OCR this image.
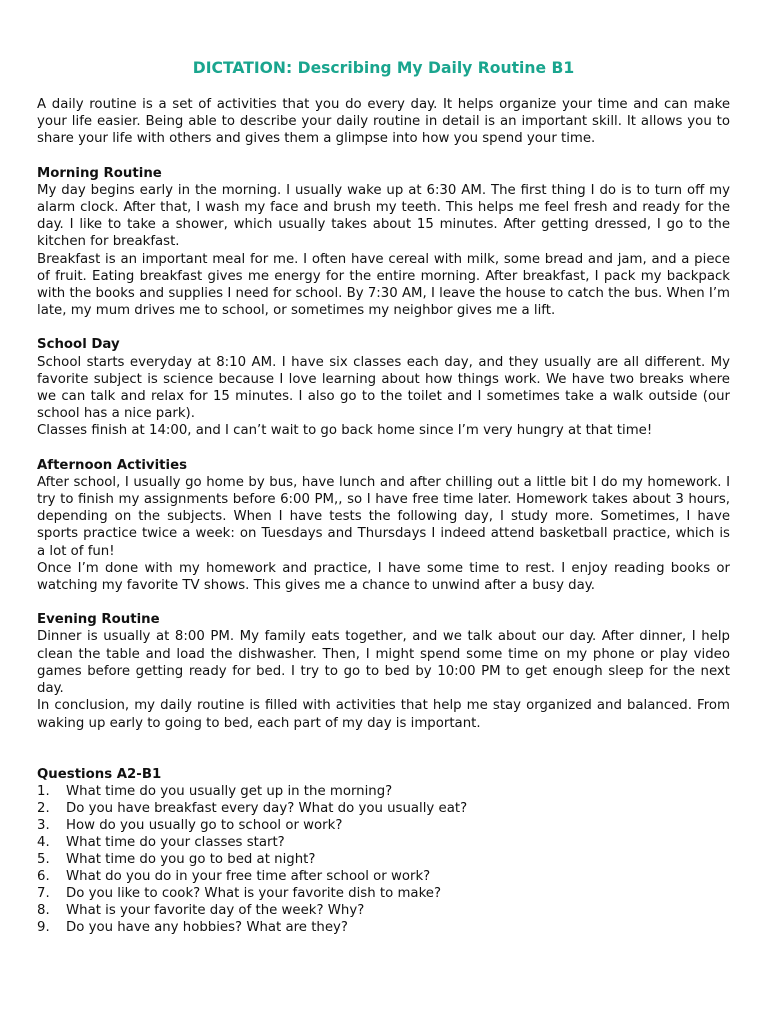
DICTATION: Describing My Daily Routine B1

A daily routine is a set of activities that you do every day. It helps organize your time and can make your life easier. Being able to describe your daily routine in detail is an important skill. It allows you to share your life with others and gives them a glimpse into how you spend your time.

Morning Routine

My day begins early in the morning. I usually wake up at 6:30 AM. The first thing I do is to turn off my alarm clock. After that, I wash my face and brush my teeth. This helps me feel fresh and ready for the day. I like to take a shower, which usually takes about 15 minutes. After getting dressed, I go to the kitchen for breakfast.

Breakfast is an important meal for me. I often have cereal with milk, some bread and jam, and a piece of fruit. Eating breakfast gives me energy for the entire morning. After breakfast, I pack my backpack with the books and supplies I need for school. By 7:30 AM, I leave the house to catch the bus. When I’m late, my mum drives me to school, or sometimes my neighbor gives me a lift.

School Day

School starts everyday at 8:10 AM. I have six classes each day, and they usually are all different. My favorite subject is science because I love learning about how things work. We have two breaks where we can talk and relax for 15 minutes. I also go to the toilet and I sometimes take a walk outside (our school has a nice park).

Classes finish at 14:00, and I can’t wait to go back home since I’m very hungry at that time!

Afternoon Activities

After school, I usually go home by bus, have lunch and after chilling out a little bit I do my homework. I try to finish my assignments before 6:00 PM,, so I have free time later. Homework takes about 3 hours, depending on the subjects. When I have tests the following day, I study more. Sometimes, I have sports practice twice a week: on Tuesdays and Thursdays I indeed attend basketball practice, which is a lot of fun!

Once I’m done with my homework and practice, I have some time to rest. I enjoy reading books or watching my favorite TV shows. This gives me a chance to unwind after a busy day.

Evening Routine

Dinner is usually at 8:00 PM. My family eats together, and we talk about our day. After dinner, I help clean the table and load the dishwasher. Then, I might spend some time on my phone or play video games before getting ready for bed. I try to go to bed by 10:00 PM to get enough sleep for the next day.

In conclusion, my daily routine is filled with activities that help me stay organized and balanced. From waking up early to going to bed, each part of my day is important.

Questions A2-B1

1.	What time do you usually get up in the morning?
2.	Do you have breakfast every day? What do you usually eat?
3.	How do you usually go to school or work?
4.	What time do your classes start?
5.	What time do you go to bed at night?
6.	What do you do in your free time after school or work?
7.	Do you like to cook? What is your favorite dish to make?
8.	What is your favorite day of the week? Why?
9.	Do you have any hobbies? What are they?
